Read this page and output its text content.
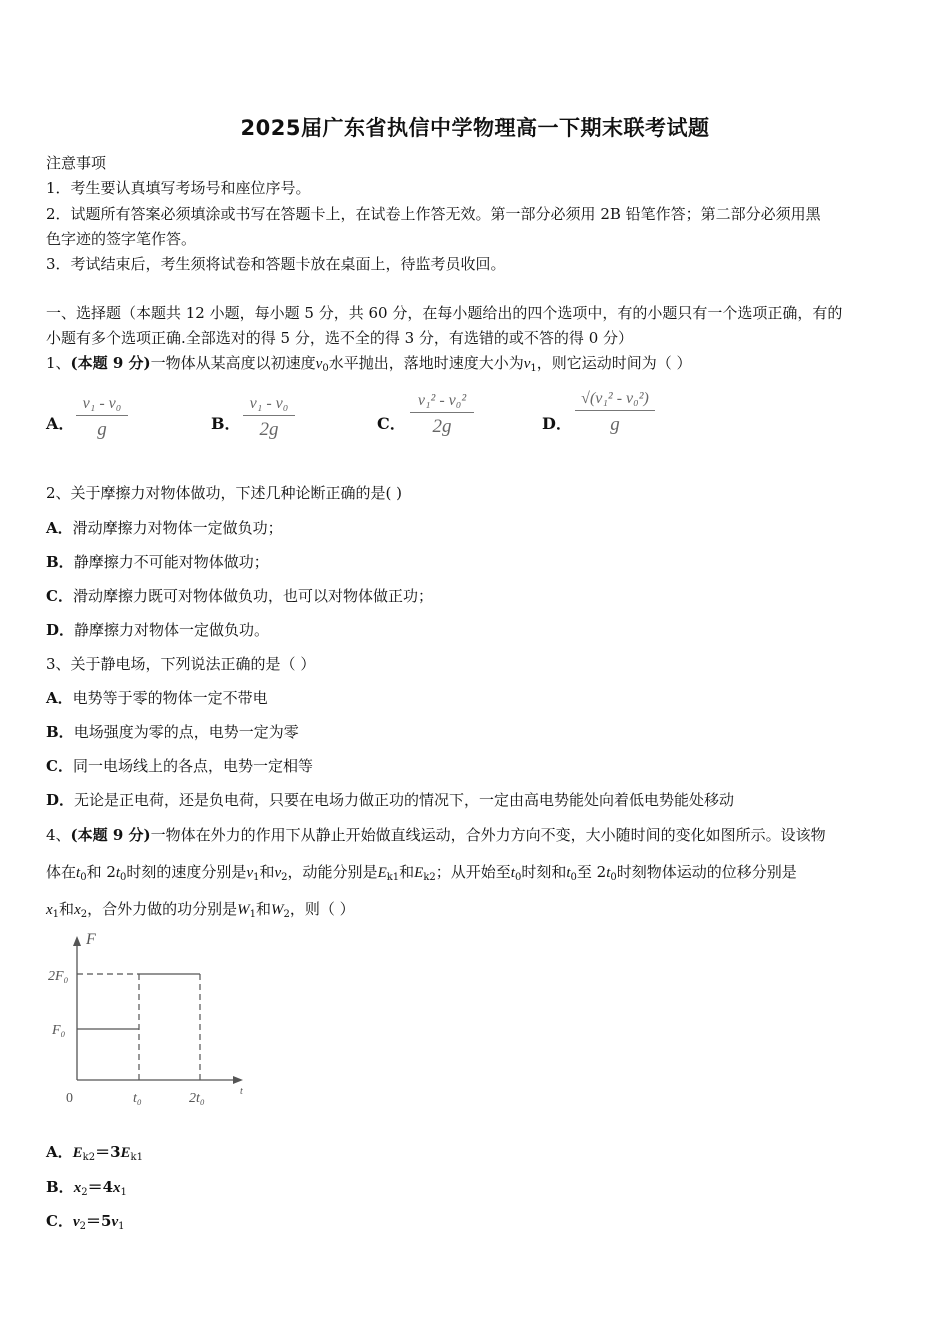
2025届广东省执信中学物理高一下期末联考试题
注意事项
1．考生要认真填写考场号和座位序号。
2．试题所有答案必须填涂或书写在答题卡上，在试卷上作答无效。第一部分必须用 2B 铅笔作答；第二部分必须用黑
色字迹的签字笔作答。
3．考试结束后，考生须将试卷和答题卡放在桌面上，待监考员收回。
一、选择题（本题共 12 小题，每小题 5 分，共 60 分，在每小题给出的四个选项中，有的小题只有一个选项正确，有的
小题有多个选项正确.全部选对的得 5 分，选不全的得 3 分，有选错的或不答的得 0 分）
1、(本题 9 分)一物体从某高度以初速度$v_0$水平抛出，落地时速度大小为$v_1$，则它运动时间为（ ）
A．
v₁ - v₀
g	B．
v₁ - v₀
2g	C．
v₁² - v₀²
2g	D．
√(v₁² - v₀²)
g
2、关于摩擦力对物体做功，下述几种论断正确的是( )
A．滑动摩擦力对物体一定做负功；
B．静摩擦力不可能对物体做功；
C．滑动摩擦力既可对物体做负功，也可以对物体做正功；
D．静摩擦力对物体一定做负功。
3、关于静电场，下列说法正确的是（ ）
A．电势等于零的物体一定不带电
B．电场强度为零的点，电势一定为零
C．同一电场线上的各点，电势一定相等
D．无论是正电荷，还是负电荷，只要在电场力做正功的情况下，一定由高电势能处向着低电势能处移动
4、(本题 9 分)一物体在外力的作用下从静止开始做直线运动，合外力方向不变，大小随时间的变化如图所示。设该物
体在$t_0$和 $2t_0$时刻的速度分别是$v_1$和$v_2$，动能分别是$E_{k1}$和$E_{k2}$；从开始至$t_0$时刻和$t_0$至 $2t_0$时刻物体运动的位移分别是
$x_1$和$x_2$，合外力做的功分别是$W_1$和$W_2$，则（ ）
F
2F₀
F₀
0	t₀	2t₀	t
A．$E_{k2}=3E_{k1}$
B．$x_2=4x_1$
C．$v_2=5v_1$
